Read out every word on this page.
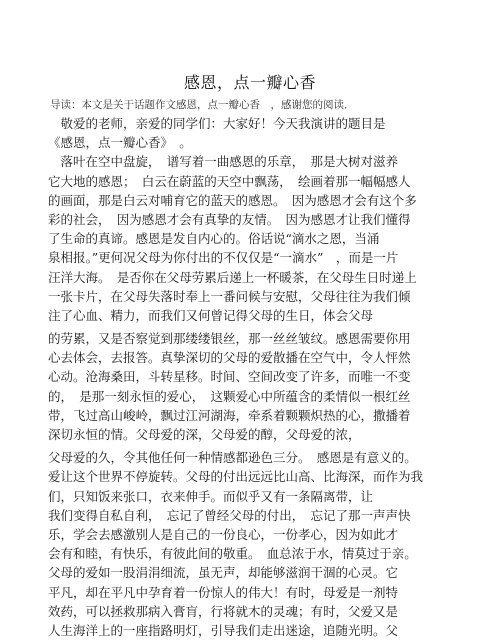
感恩，点一瓣心香
导读：本文是关于话题作文感恩，点一瓣心香　，感谢您的阅读．
　敬爱的老师，亲爱的同学们：大家好！今天我演讲的题目是
《感恩，点一瓣心香》　。
　落叶在空中盘旋，　谱写着一曲感恩的乐章，　那是大树对滋养
它大地的感恩；　白云在蔚蓝的天空中飘荡，　绘画着那一幅幅感人
的画面，那是白云对哺育它的蓝天的感恩。　因为感恩才会有这个多
彩的社会，　因为感恩才会有真挚的友情。　因为感恩才让我们懂得
了生命的真谛。感恩是发自内心的。俗话说“滴水之恩，当涌
泉相报。”更何况父母为你付出的不仅仅是“一滴水”　，而是一片
汪洋大海。　是否你在父母劳累后递上一杯暖茶，在父母生日时递上
一张卡片，在父母失落时奉上一番问候与安慰，父母往往为我们倾
注了心血、精力，而我们又何曾记得父母的生日，体会父母
的劳累，又是否察觉到那缕缕银丝，那一丝丝皱纹。感恩需要你用
心去体会，去报答。真挚深切的父母的爱散播在空气中，令人怦然
心动。沧海桑田，斗转星移。时间、空间改变了许多，而唯一不变
的，　是那一刻永恒的爱心，　这颗爱心中所蕴含的柔情似一根红丝
带，飞过高山峻岭，飘过江河湖海，牵系着颗颗炽热的心，撒播着
深切永恒的情。父母爱的深，父母爱的醇，父母爱的浓，
父母爱的久，令其他任何一种情感都逊色三分。　感恩是有意义的。
爱让这个世界不停旋转。父母的付出远远比山高、比海深，而作为我
们，只知饭来张口，衣来伸手。而似乎又有一条隔离带，让
我们变得自私自利，　忘记了曾经父母的付出，　忘记了那一声声快
乐，学会去感激别人是自己的一份良心，一份孝心，因为如此才
会有和睦，有快乐，有彼此间的敬重。　血总浓于水，情莫过于亲。
父母的爱如一股涓涓细流，虽无声，却能够滋润干涸的心灵。它
平凡，却在平凡中孕育着一份惊人的伟大！有时，母爱是一剂特
效药，可以拯救那病入膏肓，行将就木的灵魂；有时，父爱又是
人生海洋上的一座指路明灯，引导我们走出迷途，追随光明。父
